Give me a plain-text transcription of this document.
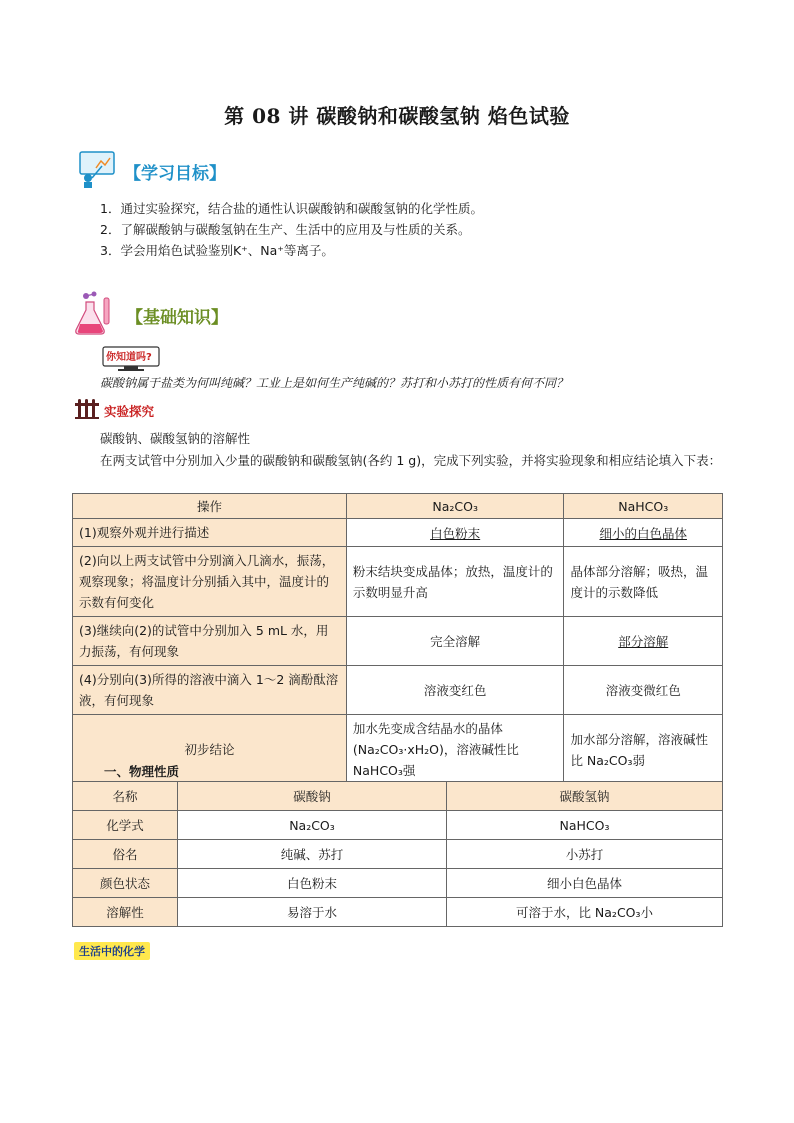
第 08 讲 碳酸钠和碳酸氢钠 焰色试验
【学习目标】
1．通过实验探究，结合盐的通性认识碳酸钠和碳酸氢钠的化学性质。
2．了解碳酸钠与碳酸氢钠在生产、生活中的应用及与性质的关系。
3．学会用焰色试验鉴别K⁺、Na⁺等离子。
【基础知识】
你知道吗?
碳酸钠属于盐类为何叫纯碱？工业上是如何生产纯碱的？苏打和小苏打的性质有何不同？
实验探究
碳酸钠、碳酸氢钠的溶解性
在两支试管中分别加入少量的碳酸钠和碳酸氢钠(各约 1 g)，完成下列实验，并将实验现象和相应结论填入下表：
操作	Na₂CO₃	NaHCO₃
(1)观察外观并进行描述	白色粉末	细小的白色晶体
(2)向以上两支试管中分别滴入几滴水，振荡，观察现象；将温度计分别插入其中，温度计的示数有何变化	粉末结块变成晶体；放热，温度计的示数明显升高	晶体部分溶解；吸热，温度计的示数降低
(3)继续向(2)的试管中分别加入 5 mL 水，用力振荡，有何现象	完全溶解	部分溶解
(4)分别向(3)所得的溶液中滴入 1～2 滴酚酞溶液，有何现象	溶液变红色	溶液变微红色
初步结论	加水先变成含结晶水的晶体(Na₂CO₃·xH₂O)，溶液碱性比NaHCO₃强	加水部分溶解，溶液碱性比 Na₂CO₃弱
一、物理性质
名称	碳酸钠	碳酸氢钠
化学式	Na₂CO₃	NaHCO₃
俗名	纯碱、苏打	小苏打
颜色状态	白色粉末	细小白色晶体
溶解性	易溶于水	可溶于水，比 Na₂CO₃小
生活中的化学
